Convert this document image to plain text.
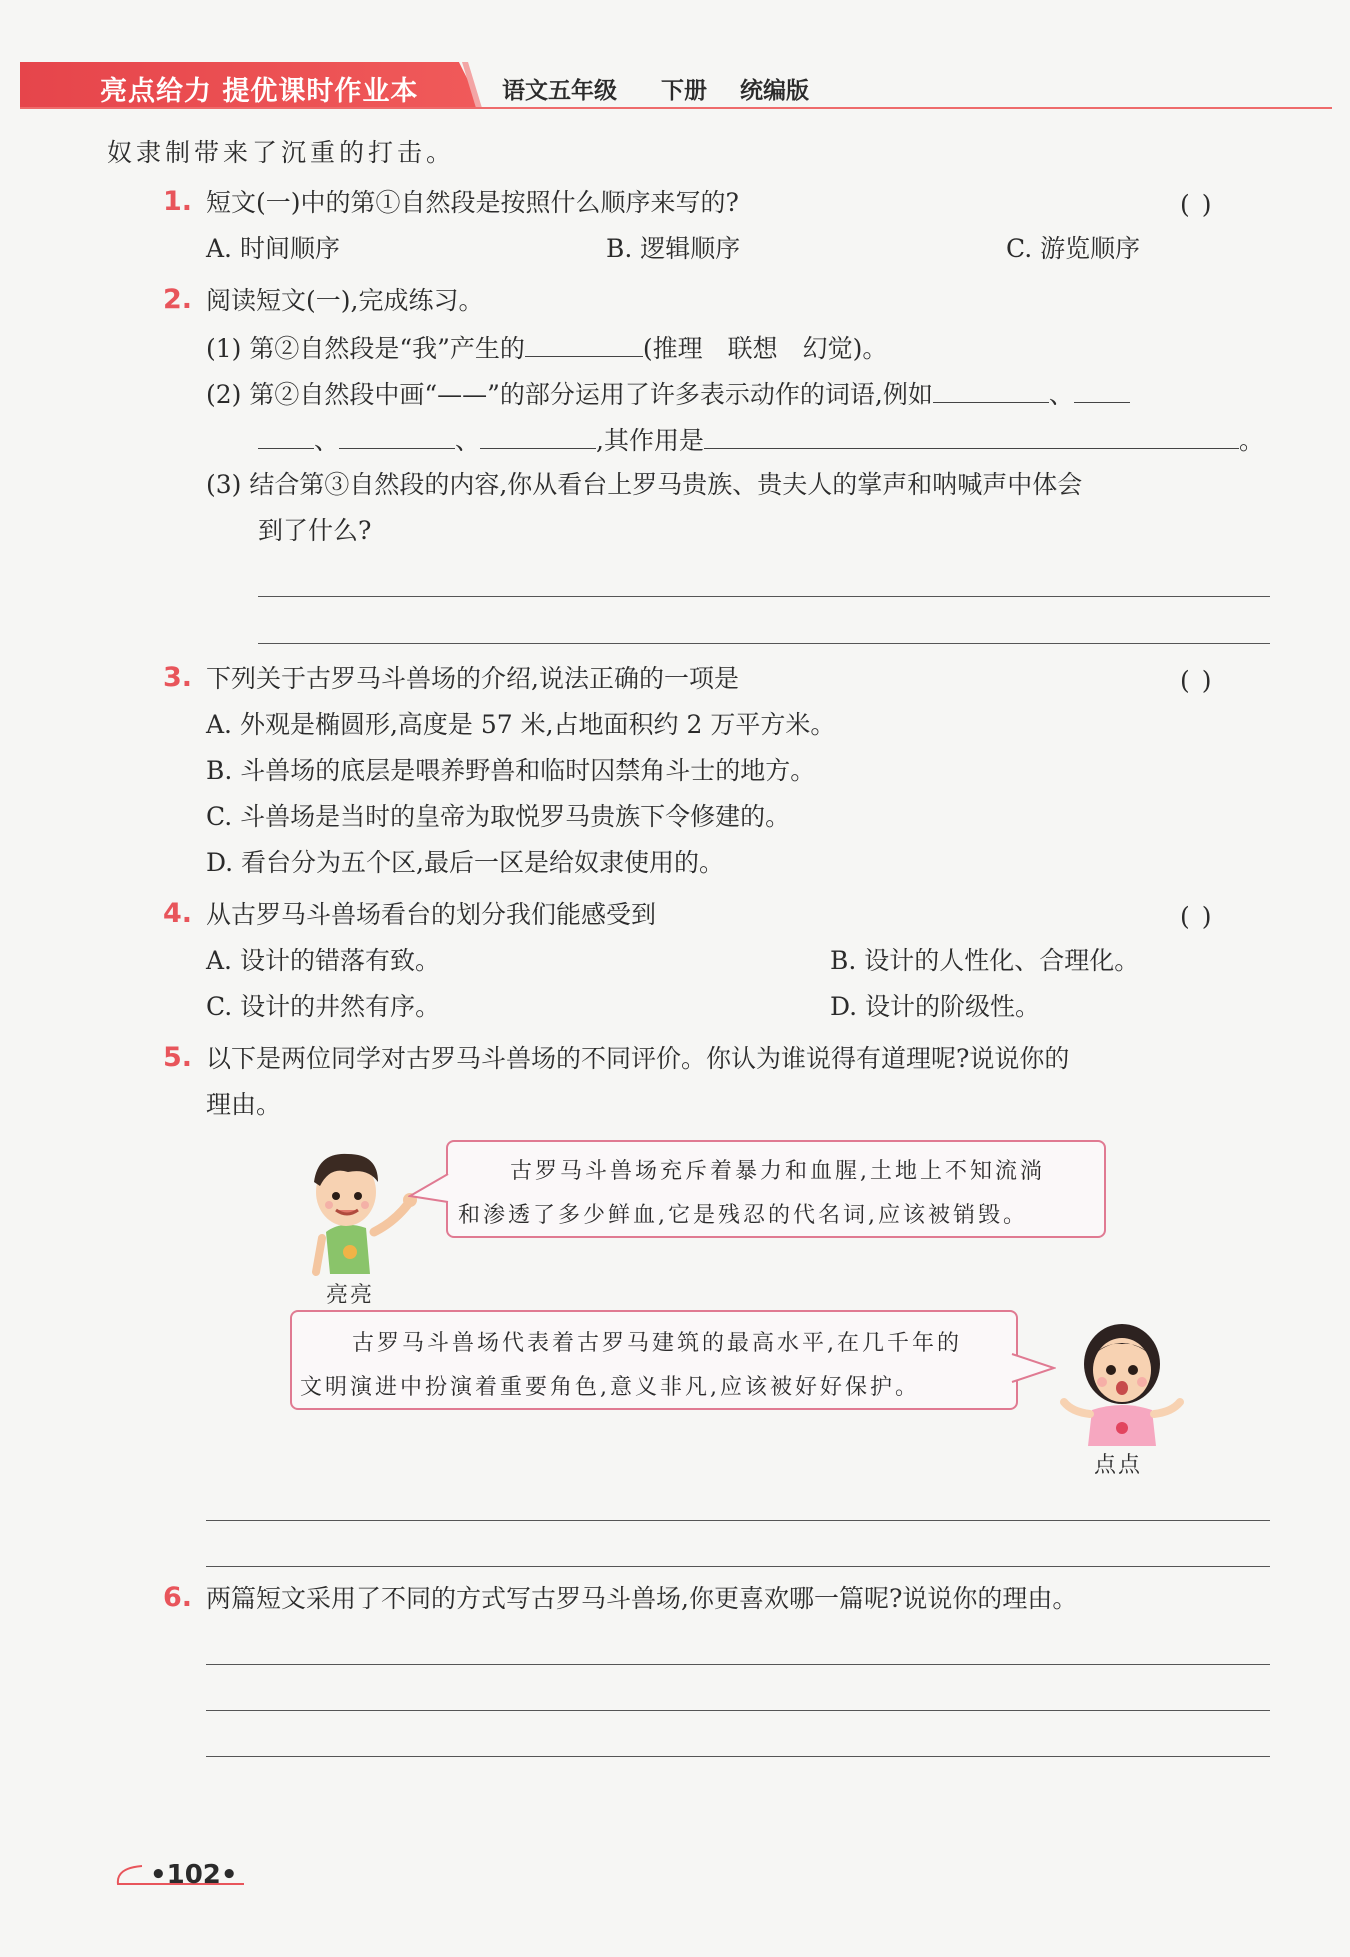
亮点给力 提优课时作业本	语文五年级 下册 统编版
奴隶制带来了沉重的打击。
1. 短文(一)中的第①自然段是按照什么顺序来写的?	( )
A. 时间顺序	B. 逻辑顺序	C. 游览顺序
2. 阅读短文(一),完成练习。
(1) 第②自然段是“我”产生的	(推理　联想　幻觉)。
(2) 第②自然段中画“——”的部分运用了许多表示动作的词语,例如	、
、	、	,其作用是	。
(3) 结合第③自然段的内容,你从看台上罗马贵族、贵夫人的掌声和呐喊声中体会
到了什么?
3. 下列关于古罗马斗兽场的介绍,说法正确的一项是	( )
A. 外观是椭圆形,高度是 57 米,占地面积约 2 万平方米。
B. 斗兽场的底层是喂养野兽和临时囚禁角斗士的地方。
C. 斗兽场是当时的皇帝为取悦罗马贵族下令修建的。
D. 看台分为五个区,最后一区是给奴隶使用的。
4. 从古罗马斗兽场看台的划分我们能感受到	( )
A. 设计的错落有致。	B. 设计的人性化、合理化。
C. 设计的井然有序。	D. 设计的阶级性。
5. 以下是两位同学对古罗马斗兽场的不同评价。你认为谁说得有道理呢?说说你的
理由。
亮亮
古罗马斗兽场充斥着暴力和血腥,土地上不知流淌
和渗透了多少鲜血,它是残忍的代名词,应该被销毁。
古罗马斗兽场代表着古罗马建筑的最高水平,在几千年的
文明演进中扮演着重要角色,意义非凡,应该被好好保护。
点点
6. 两篇短文采用了不同的方式写古罗马斗兽场,你更喜欢哪一篇呢?说说你的理由。
•102•
